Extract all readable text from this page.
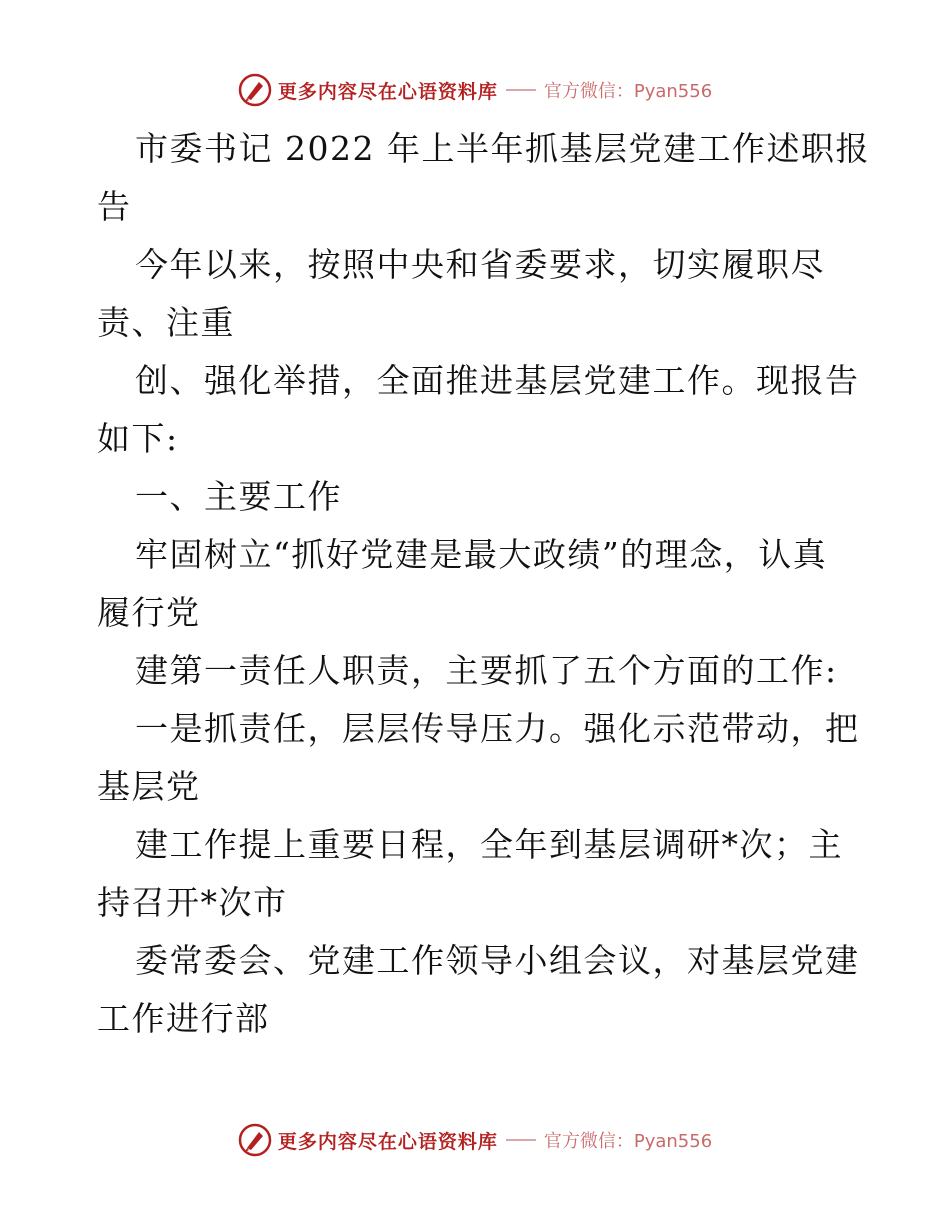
更多内容尽在心语资料库	官方微信：Pyan556
市委书记 2022 年上半年抓基层党建工作述职报
告
今年以来，按照中央和省委要求，切实履职尽
责、注重
创、强化举措，全面推进基层党建工作。现报告
如下:
一、主要工作
牢固树立“抓好党建是最大政绩”的理念，认真
履行党
建第一责任人职责，主要抓了五个方面的工作:
一是抓责任，层层传导压力。强化示范带动，把
基层党
建工作提上重要日程，全年到基层调研*次；主
持召开*次市
委常委会、党建工作领导小组会议，对基层党建
工作进行部
更多内容尽在心语资料库	官方微信：Pyan556
